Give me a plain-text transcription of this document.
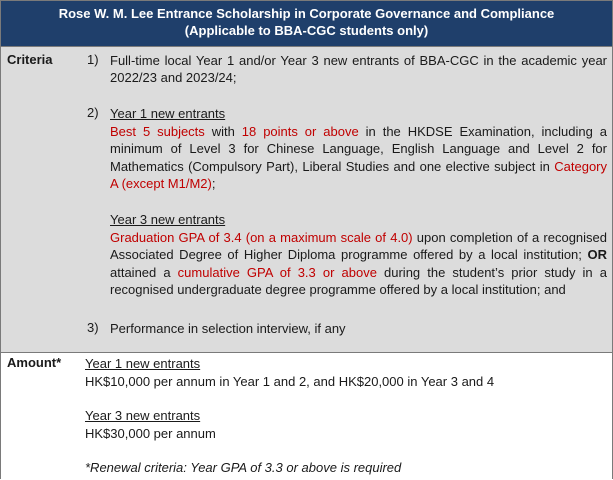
Rose W. M. Lee Entrance Scholarship in Corporate Governance and Compliance
(Applicable to BBA-CGC students only)
Criteria	1) Full-time local Year 1 and/or Year 3 new entrants of BBA-CGC in the academic year 2022/23 and 2023/24;
2) Year 1 new entrants
Best 5 subjects with 18 points or above in the HKDSE Examination, including a minimum of Level 3 for Chinese Language, English Language and Level 2 for Mathematics (Compulsory Part), Liberal Studies and one elective subject in Category A (except M1/M2);
Year 3 new entrants
Graduation GPA of 3.4 (on a maximum scale of 4.0) upon completion of a recognised Associated Degree of Higher Diploma programme offered by a local institution; OR attained a cumulative GPA of 3.3 or above during the student’s prior study in a recognised undergraduate degree programme offered by a local institution; and
3) Performance in selection interview, if any
Amount* Year 1 new entrants
HK$10,000 per annum in Year 1 and 2, and HK$20,000 in Year 3 and 4
Year 3 new entrants
HK$30,000 per annum
*Renewal criteria: Year GPA of 3.3 or above is required
